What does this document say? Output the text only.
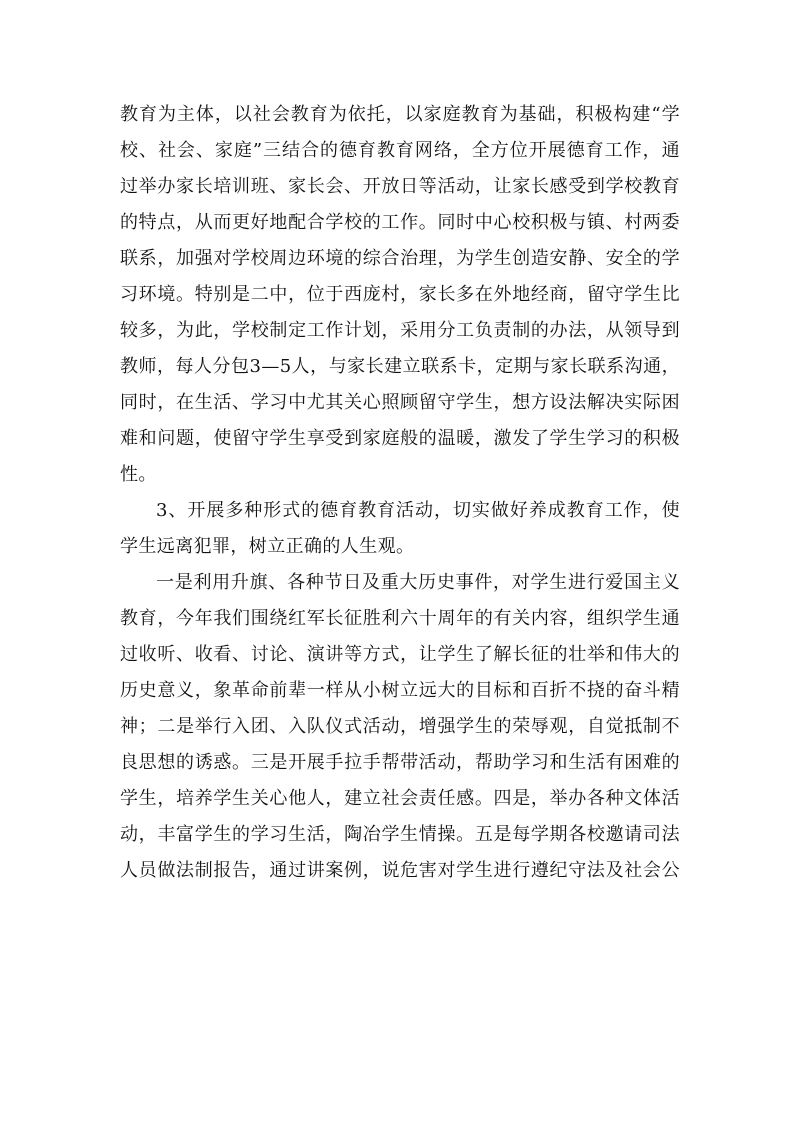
教育为主体，以社会教育为依托，以家庭教育为基础，积极构建“学
校、社会、家庭”三结合的德育教育网络，全方位开展德育工作，通
过举办家长培训班、家长会、开放日等活动，让家长感受到学校教育
的特点，从而更好地配合学校的工作。同时中心校积极与镇、村两委
联系，加强对学校周边环境的综合治理，为学生创造安静、安全的学
习环境。特别是二中，位于西庞村，家长多在外地经商，留守学生比
较多，为此，学校制定工作计划，采用分工负责制的办法，从领导到
教师，每人分包3—5人，与家长建立联系卡，定期与家长联系沟通，
同时，在生活、学习中尤其关心照顾留守学生，想方设法解决实际困
难和问题，使留守学生享受到家庭般的温暖，激发了学生学习的积极
性。
3、开展多种形式的德育教育活动，切实做好养成教育工作，使
学生远离犯罪，树立正确的人生观。
一是利用升旗、各种节日及重大历史事件，对学生进行爱国主义
教育，今年我们围绕红军长征胜利六十周年的有关内容，组织学生通
过收听、收看、讨论、演讲等方式，让学生了解长征的壮举和伟大的
历史意义，象革命前辈一样从小树立远大的目标和百折不挠的奋斗精
神；二是举行入团、入队仪式活动，增强学生的荣辱观，自觉抵制不
良思想的诱惑。三是开展手拉手帮带活动，帮助学习和生活有困难的
学生，培养学生关心他人，建立社会责任感。四是，举办各种文体活
动，丰富学生的学习生活，陶冶学生情操。五是每学期各校邀请司法
人员做法制报告，通过讲案例，说危害对学生进行遵纪守法及社会公
